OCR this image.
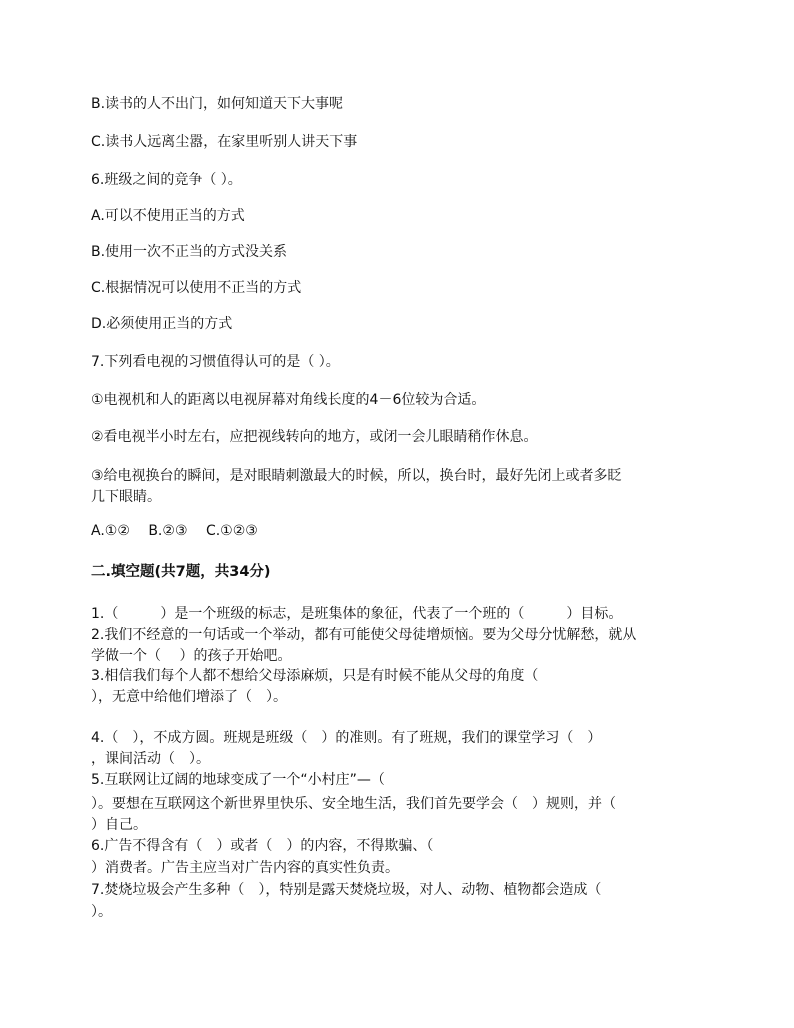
B.读书的人不出门，如何知道天下大事呢
C.读书人远离尘嚣，在家里听别人讲天下事
6.班级之间的竞争（ ）。
A.可以不使用正当的方式
B.使用一次不正当的方式没关系
C.根据情况可以使用不正当的方式
D.必须使用正当的方式
7.下列看电视的习惯值得认可的是（ ）。
①电视机和人的距离以电视屏幕对角线长度的4－6位较为合适。
②看电视半小时左右，应把视线转向的地方，或闭一会儿眼睛稍作休息。
③给电视换台的瞬间，是对眼睛刺激最大的时候，所以，换台时，最好先闭上或者多眨
几下眼睛。
A.①②　 B.②③　 C.①②③
二.填空题(共7题，共34分)
1.（　　　）是一个班级的标志，是班集体的象征，代表了一个班的（　　　）目标。
2.我们不经意的一句话或一个举动，都有可能使父母徒增烦恼。要为父母分忧解愁，就从
学做一个（　 ）的孩子开始吧。
3.相信我们每个人都不想给父母添麻烦，只是有时候不能从父母的角度（
），无意中给他们增添了（　）。
4.（　），不成方圆。班规是班级（　）的准则。有了班规，我们的课堂学习（　）
，课间活动（　）。
5.互联网让辽阔的地球变成了一个“小村庄”—（
）。要想在互联网这个新世界里快乐、安全地生活，我们首先要学会（　）规则，并（
）自己。
6.广告不得含有（　）或者（　）的内容，不得欺骗、（
）消费者。广告主应当对广告内容的真实性负责。
7.焚烧垃圾会产生多种（　），特别是露天焚烧垃圾，对人、动物、植物都会造成（
）。
